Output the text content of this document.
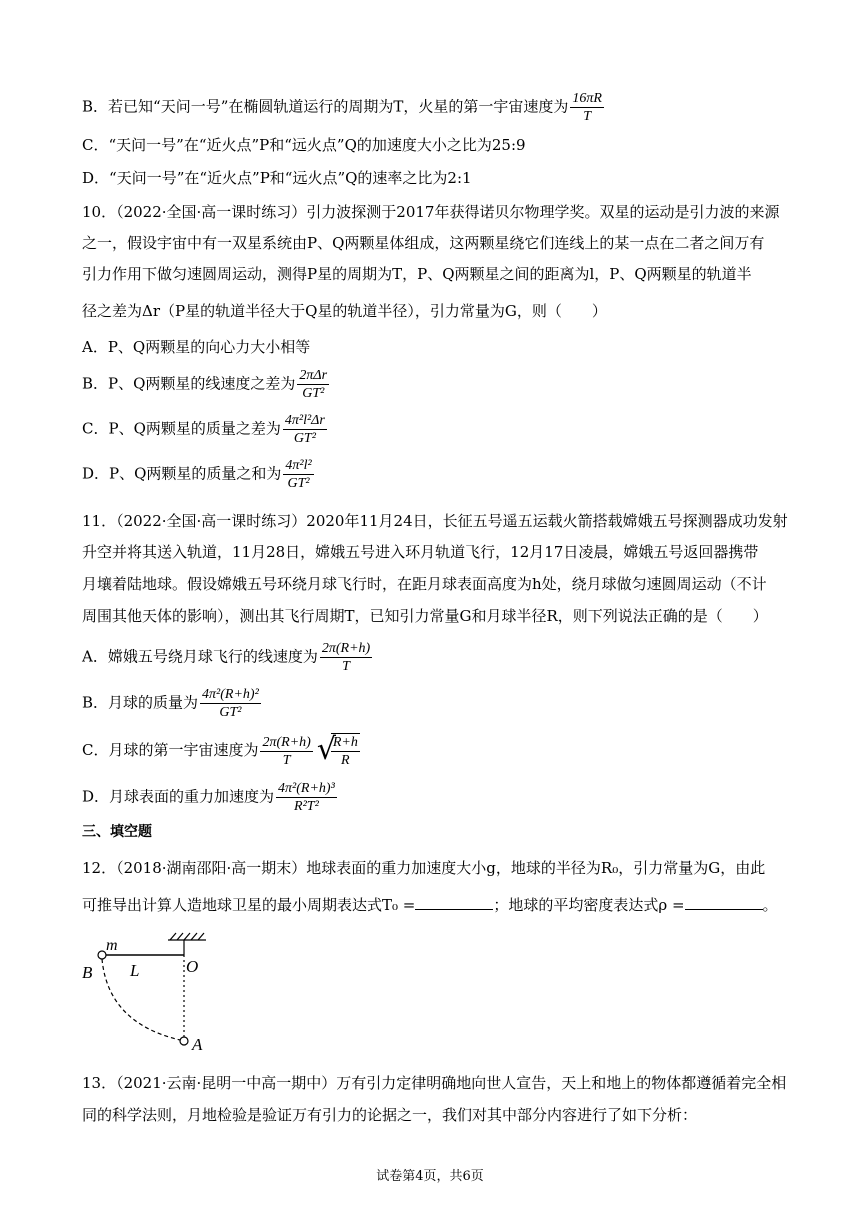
B．若已知“天问一号”在椭圆轨道运行的周期为T，火星的第一宇宙速度为 $\frac{16\pi R}{T}$
C．“天问一号”在“近火点”P和“远火点”Q的加速度大小之比为25:9
D．“天问一号”在“近火点”P和“远火点”Q的速率之比为2:1
10．（2022·全国·高一课时练习）引力波探测于2017年获得诺贝尔物理学奖。双星的运动是引力波的来源
之一，假设宇宙中有一双星系统由P、Q两颗星体组成，这两颗星绕它们连线上的某一点在二者之间万有
引力作用下做匀速圆周运动，测得P星的周期为T，P、Q两颗星之间的距离为l，P、Q两颗星的轨道半
径之差为Δr（P星的轨道半径大于Q星的轨道半径），引力常量为G，则（　　）
A．P、Q两颗星的向心力大小相等
B．P、Q两颗星的线速度之差为 $\frac{\text{2πΔr}}{\text{GT²}}$
C．P、Q两颗星的质量之差为 $\frac{\text{4π²l²Δr}}{\text{GT²}}$
D．P、Q两颗星的质量之和为 $\frac{\text{4π²l²}}{\text{GT²}}$
11．（2022·全国·高一课时练习）2020年11月24日，长征五号遥五运载火箭搭载嫦娥五号探测器成功发射
升空并将其送入轨道，11月28日，嫦娥五号进入环月轨道飞行，12月17日凌晨，嫦娥五号返回器携带
月壤着陆地球。假设嫦娥五号环绕月球飞行时，在距月球表面高度为h处，绕月球做匀速圆周运动（不计
周围其他天体的影响），测出其飞行周期T，已知引力常量G和月球半径R，则下列说法正确的是（　　）
A．嫦娥五号绕月球飞行的线速度为 $\frac{2\pi(R+h)}{T}$
B．月球的质量为 $\frac{\text{4π²(R+h)²}}{\text{GT²}}$
C．月球的第一宇宙速度为 $\frac{2\pi(R+h)}{T}$
√ $\frac{R+h}{R}$
D．月球表面的重力加速度为 $\frac{\text{4π²(R+h)³}}{\text{R²T²}}$
三、填空题
12．（2018·湖南邵阳·高一期末）地球表面的重力加速度大小g，地球的半径为R₀，引力常量为G，由此
可推导出计算人造地球卫星的最小周期表达式T₀ =	；地球的平均密度表达式ρ =	。
m
L	O
B
A
13．（2021·云南·昆明一中高一期中）万有引力定律明确地向世人宣告，天上和地上的物体都遵循着完全相
同的科学法则，月地检验是验证万有引力的论据之一，我们对其中部分内容进行了如下分析：
试卷第4页，共6页
